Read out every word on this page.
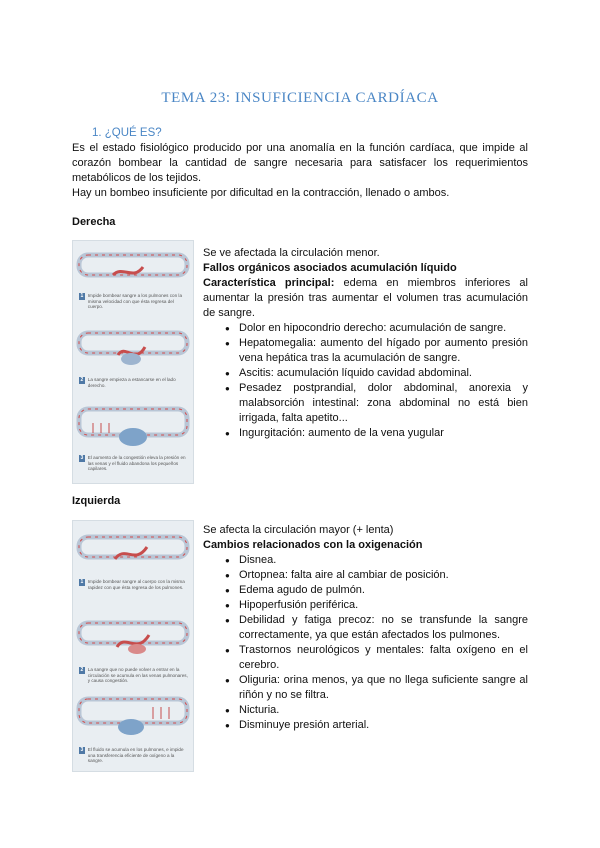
TEMA 23: INSUFICIENCIA CARDÍACA
1. ¿QUÉ ES?

Es el estado fisiológico producido por una anomalía en la función cardíaca, que impide al corazón bombear la cantidad de sangre necesaria para satisfacer los requerimientos metabólicos de los tejidos.

Hay un bombeo insuficiente por dificultad en la contracción, llenado o ambos.

Derecha
1 Impide bombear sangre a los pulmones con la misma velocidad con que ésta regresa del cuerpo.
2 La sangre empieza a estancarse en el lado derecho.
3 El aumento de la congestión eleva la presión en las venas y el fluido abandona los pequeños capilares.

Se ve afectada la circulación menor.

Fallos orgánicos asociados acumulación líquido

Característica principal: edema en miembros inferiores al aumentar la presión tras aumentar el volumen tras acumulación de sangre.

● Dolor en hipocondrio derecho: acumulación de sangre.
● Hepatomegalia: aumento del hígado por aumento presión vena hepática tras la acumulación de sangre.
● Ascitis: acumulación líquido cavidad abdominal.
● Pesadez postprandial, dolor abdominal, anorexia y malabsorción intestinal: zona abdominal no está bien irrigada, falta apetito...
● Ingurgitación: aumento de la vena yugular
Izquierda
1 Impide bombear sangre al cuerpo con la misma rapidez con que ésta regresa de los pulmones.
2 La sangre que no puede volver a entrar en la circulación se acumula en las venas pulmonares, y causa congestión.
3 El fluido se acumula en los pulmones, e impide una transferencia eficiente de oxígeno a la sangre.

Se afecta la circulación mayor (+ lenta)

Cambios relacionados con la oxigenación

● Disnea.
● Ortopnea: falta aire al cambiar de posición.
● Edema agudo de pulmón.
● Hipoperfusión periférica.
● Debilidad y fatiga precoz: no se transfunde la sangre correctamente, ya que están afectados los pulmones.
● Trastornos neurológicos y mentales: falta oxígeno en el cerebro.
● Oliguria: orina menos, ya que no llega suficiente sangre al riñón y no se filtra.
● Nicturia.
● Disminuye presión arterial.
